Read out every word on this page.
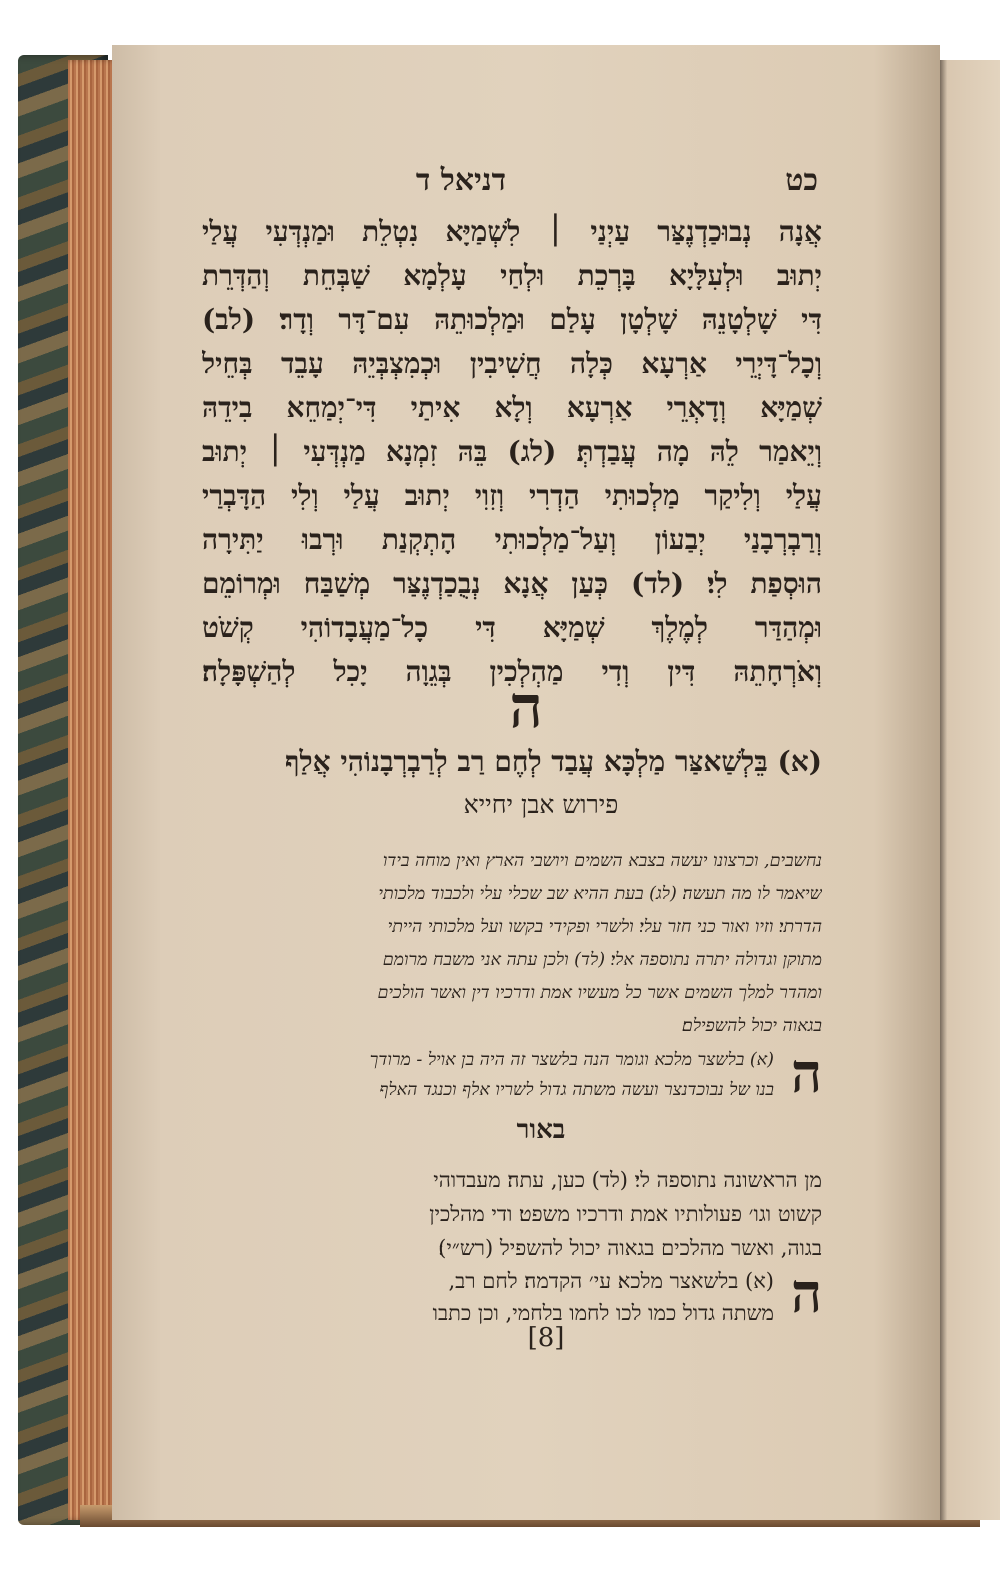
כט
דניאל ד
אֲנָה נְבוּכַדְנֶצַּר עַיְנַי ׀ לִשְׁמַיָּא נִטְלֵת וּמַנְדְּעִי עֲלַי
יְתוּב וּלְעִלָּיָא בָּרְכֵת וּלְחַי עָלְמָא שַׁבְּחֵת וְהַדְּרֵת
דִּי שָׁלְטָנֵהּ שָׁלְטָן עָלַם וּמַלְכוּתֵהּ עִם־דָּר וְדָר׃ (לב)
וְכָל־דָּיְרֵי אַרְעָא כְּלָה חֲשִׁיבִין וּכְמִצְבְּיֵהּ עָבֵד בְּחֵיל
שְׁמַיָּא וְדָאְרֵי אַרְעָא וְלָא אִיתַי דִּי־יְמַחֵא בִידֵהּ
וְיֵאמַר לֵהּ מָה עֲבַדְתְּ׃ (לג) בֵּהּ זִמְנָא מַנְדְּעִי ׀ יְתוּב
עֲלַי וְלִיקַר מַלְכוּתִי הַדְרִי וְזִוִי יְתוּב עֲלַי וְלִי הַדָּבְרַי
וְרַבְרְבָנַי יְבַעוֹן וְעַל־מַלְכוּתִי הָתְקְנַת וּרְבוּ יַתִּירָה
הוּסְפַת לִי׃ (לד) כְּעַן אֲנָא נְבֻכַדְנֶצַּר מְשַׁבַּח וּמְרוֹמֵם
וּמְהַדַּר לְמֶלֶךְ שְׁמַיָּא דִּי כָל־מַעֲבָדוֹהִי קְשֹׁט
וְאֹרְחָתֵהּ דִּין וְדִי מַהְלְכִין בְּגֵוָה יָכִל לְהַשְׁפָּלָה׃
ה
(א) בֵּלְשַׁאצַּר מַלְכָּא עֲבַד לְחֶם רַב לְרַבְרְבָנוֹהִי אֲלַף
פירוש אבן יחייא
נחשבים, וכרצונו יעשה בצבא השמים ויושבי הארץ ואין מוחה בידו
שיאמר לו מה תעשה׃ (לג) בעת ההיא שב שכלי עלי ולכבוד מלכותי
הדרתי׃ וזיו ואור כני חזר עלי׃ ולשרי ופקידי בקשו ועל מלכותי הייתי
מתוקן וגדולה יתרה נתוספה אלי׃ (לד) ולכן עתה אני משבח מרומם
ומהדר למלך השמים אשר כל מעשיו אמת ודרכיו דין ואשר הולכים
בגאוה יכול להשפילם׃
ה
(א) בלשצר מלכא וגומר הנה בלשצר זה היה בן אויל - מרודך
בנו של נבוכדנצר ועשה משתה גדול לשריו אלף וכנגד האלף
באור
מן הראשונה נתוספה לי׃ (לד) כען, עתה׃ מעבדוהי
קשוט וגו׳ פעולותיו אמת ודרכיו משפט׃ ודי מהלכין
בגוה, ואשר מהלכים בגאוה יכול להשפיל (רש״י)׃
ה
(א) בלשאצר מלכא׃ עי׳ הקדמה׃ לחם רב,
משתה גדול כמו לכו לחמו בלחמי, וכן כתבו
[8]
